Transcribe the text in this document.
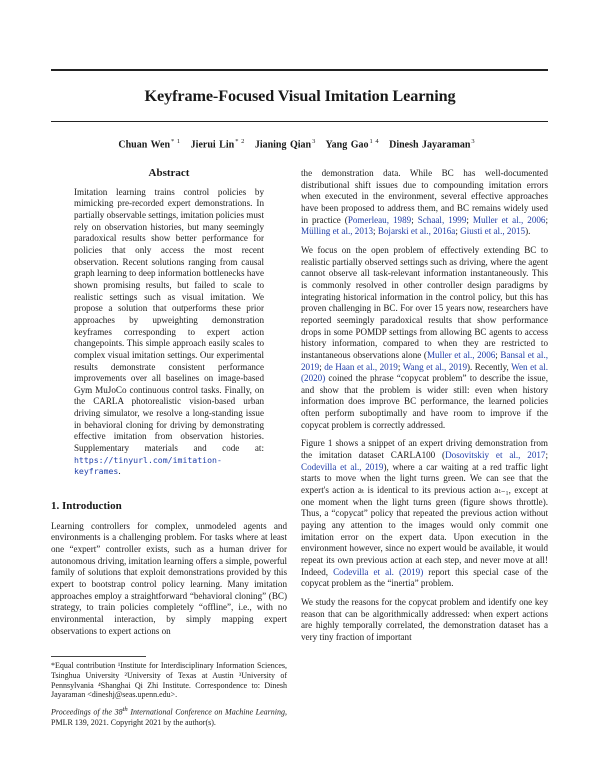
Keyframe-Focused Visual Imitation Learning
Chuan Wen$^{* 1}$ Jierui Lin$^{* 2}$ Jianing Qian$^3$ Yang Gao$^{1 4}$ Dinesh Jayaraman$^3$
Abstract
Imitation learning trains control policies by mimicking pre-recorded expert demonstrations. In partially observable settings, imitation policies must rely on observation histories, but many seemingly paradoxical results show better performance for policies that only access the most recent observation. Recent solutions ranging from causal graph learning to deep information bottlenecks have shown promising results, but failed to scale to realistic settings such as visual imitation. We propose a solution that outperforms these prior approaches by upweighting demonstration keyframes corresponding to expert action changepoints. This simple approach easily scales to complex visual imitation settings. Our experimental results demonstrate consistent performance improvements over all baselines on image-based Gym MuJoCo continuous control tasks. Finally, on the CARLA photorealistic vision-based urban driving simulator, we resolve a long-standing issue in behavioral cloning for driving by demonstrating effective imitation from observation histories. Supplementary materials and code at: https://tinyurl.com/imitation-keyframes.
1. Introduction

Learning controllers for complex, unmodeled agents and environments is a challenging problem. For tasks where at least one “expert” controller exists, such as a human driver for autonomous driving, imitation learning offers a simple, powerful family of solutions that exploit demonstrations provided by this expert to bootstrap control policy learning. Many imitation approaches employ a straightforward “behavioral cloning” (BC) strategy, to train policies completely “offline”, i.e., with no environmental interaction, by simply mapping expert observations to expert actions on

*Equal contribution ¹Institute for Interdisciplinary Information Sciences, Tsinghua University ²University of Texas at Austin ³University of Pennsylvania ⁴Shanghai Qi Zhi Institute. Correspondence to: Dinesh Jayaraman <dineshj@seas.upenn.edu>.

Proceedings of the 38th International Conference on Machine Learning, PMLR 139, 2021. Copyright 2021 by the author(s).

the demonstration data. While BC has well-documented distributional shift issues due to compounding imitation errors when executed in the environment, several effective approaches have been proposed to address them, and BC remains widely used in practice (Pomerleau, 1989; Schaal, 1999; Muller et al., 2006; Mülling et al., 2013; Bojarski et al., 2016a; Giusti et al., 2015).

We focus on the open problem of effectively extending BC to realistic partially observed settings such as driving, where the agent cannot observe all task-relevant information instantaneously. This is commonly resolved in other controller design paradigms by integrating historical information in the control policy, but this has proven challenging in BC. For over 15 years now, researchers have reported seemingly paradoxical results that show performance drops in some POMDP settings from allowing BC agents to access history information, compared to when they are restricted to instantaneous observations alone (Muller et al., 2006; Bansal et al., 2019; de Haan et al., 2019; Wang et al., 2019). Recently, Wen et al. (2020) coined the phrase “copycat problem” to describe the issue, and show that the problem is wider still: even when history information does improve BC performance, the learned policies often perform suboptimally and have room to improve if the copycat problem is correctly addressed.

Figure 1 shows a snippet of an expert driving demonstration from the imitation dataset CARLA100 (Dosovitskiy et al., 2017; Codevilla et al., 2019), where a car waiting at a red traffic light starts to move when the light turns green. We can see that the expert's action aₜ is identical to its previous action aₜ₋₁, except at one moment when the light turns green (figure shows throttle). Thus, a “copycat” policy that repeated the previous action without paying any attention to the images would only commit one imitation error on the expert data. Upon execution in the environment however, since no expert would be available, it would repeat its own previous action at each step, and never move at all! Indeed, Codevilla et al. (2019) report this special case of the copycat problem as the “inertia” problem.

We study the reasons for the copycat problem and identify one key reason that can be algorithmically addressed: when expert actions are highly temporally correlated, the demonstration dataset has a very tiny fraction of important
